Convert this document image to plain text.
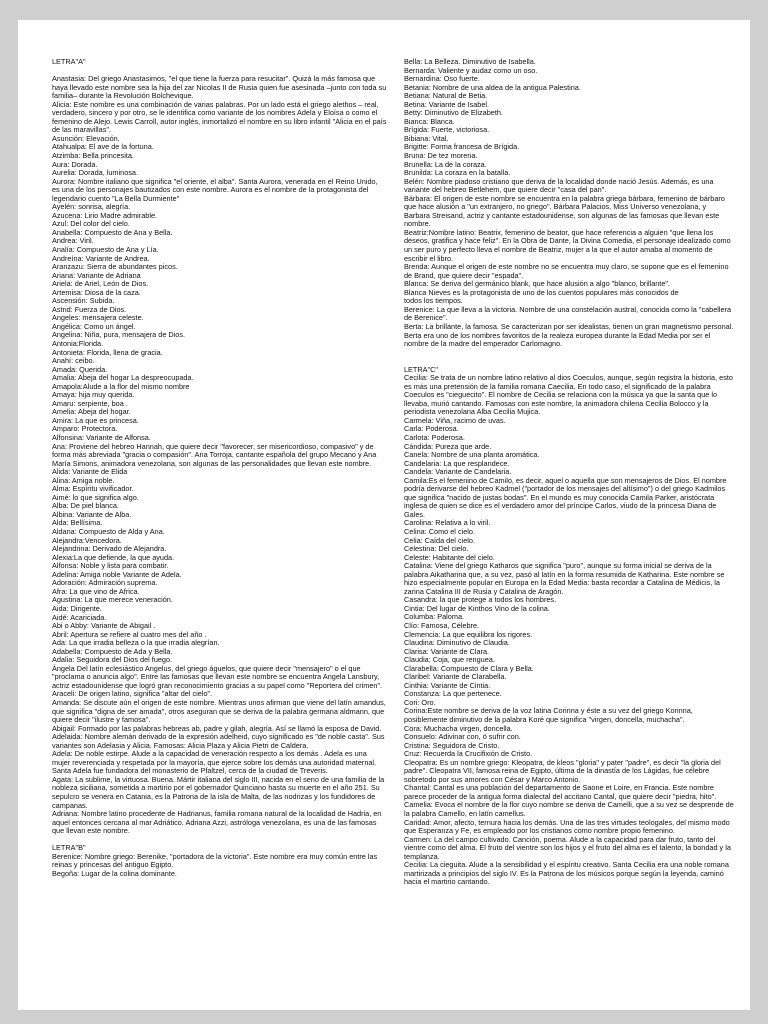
LETRA"A"

Anastasia: Del griego Anastasimos, "el que tiene la fuerza para resucitar". Quizá la más famosa que haya llevado este nombre sea la hija del zar Nicolas II de Rusia quien fue asesinada –junto con toda su familia– durante la Revolución Bolchevique.

Alicia: Este nombre es una combinación de varias palabras. Por un lado está el griego alethos – real, verdadero, sincero y por otro, se le identifica como variante de los nombres Adela y Eloísa o como el femenino de Alejo. Lewis Carroll, autor inglés, inmortalizó el nombre en su libro infantil "Alicia en el país de las maravillas".

Asunción: Elevación.

Atahualpa: El ave de la fortuna.

Atzimba: Bella princesita.

Aura: Dorada.

Aurelia: Dorada, luminosa.

Aurora: Nombre italiano que significa "el oriente, el alba". Santa Aurora, venerada en el Reino Unido, es una de los personajes bautizados con este nombre. Aurora es el nombre de la protagonista del legendario cuento "La Bella Durmiente"

Ayelén: sonrisa, alegría.

Azucena: Lirio Madre admirable.

Azul: Del color del cielo.

Anabella: Compuesto de Ana y Bella.

Andrea: Viril.

Analía: Compuesto de Ana y Lía.

Andreína: Variante de Andrea.

Aranzazu: Sierra de abundantes picos.

Ariana: Variante de Adriana

Ariela: de Ariel, León de Dios.

Artemisa: Diosa de la caza.

Ascensión: Subida.

Astrid: Fuerza de Dios.

Angeles: mensajera celeste.

Angélica: Como un ángel.

Angelina: Niña, pura, mensajera de Dios.

Antonia:Florida.

Antonieta: Florida, llena de gracia.

Anahí: ceibo.

Amada: Querida.

Amalia: Abeja del hogar La despreocupada.

Amapola:Alude a la flor del mismo nombre

Amaya: hija muy querida.

Amaru: serpiente, boa .

Amelia: Abeja del hogar.

Amira: La que es princesa.

Amparo: Protectora.

Alfonsina: Variante de Alfonsa.

Ana: Proviene del hebreo Hannah, que quiere decir "favorecer, ser misericordioso, compasivo" y de forma más abreviada "gracia o compasión". Ana Torroja, cantante española del grupo Mecano y Ana María Simons, animadora venezolana, son algunas de las personalidades que llevan este nombre.

Alida: Variante de Elida

Alina: Amiga noble.

Alma: Espíritu vivificador.

Aimé: lo que significa algo.

Alba: De piel blanca.

Albina: Variante de Alba.

Alda: Bellísima.

Aldana: Compuesto de Alda y Ana.

Alejandra:Vencedora.

Alejandrina: Derivado de Alejandra.

Alexia:La que defiende, la que ayuda.

Alfonsa: Noble y lista para combatir.

Adelina: Amiga noble Variante de Adela.

Adoración: Admiración suprema.

Afra: La que vino de Africa.

Agustina: La que merece veneración.

Aida: Dirigente.

Aidé: Acariciada.

Abi o Abby: Variante de Abigail .

Abril: Apertura se refiere al cuatro mes del año .

Ada: La que irradia belleza o la que irradia alegrían.

Adabella: Compuesto de Ada y Bella.

Adalia: Seguidora del Dios del fuego.

Ángela Del latín eclesiástico Angelus, del griego águelos, que quiere decir "mensajero" o el que "proclama o anuncia algo". Entre las famosas que llevan este nombre se encuentra Angela Lansbury, actriz estadounidense que logró gran reconocimiento gracias a su papel como "Reportera del crimen".

Araceli: De origen latino, significa "altar del cielo".

Amanda: Se discute aún el origen de este nombre. Mientras unos afirman que viene del latín amandus, que significa "digna de ser amada", otros aseguran que se deriva de la palabra germana aldmann, que quiere decir "ilustre y famosa".

Abigail: Formado por las palabras hebreas ab, padre y gilah, alegría. Así se llamó la esposa de David.

Adelaida: Nombre alemán derivado de la expresión adelheid, cuyo significado es "de noble casta". Sus variantes son Adelasia y Alicia. Famosas: Alicia Plaza y Alicia Pietri de Caldera.

Adela: De noble estirpe. Alude a la capacidad de veneración respecto a los demás . Adela es una mujer reverenciada y respetada por la mayoría, que ejerce sobre los demás una autoridad maternal. Santa Adela fue fundadora del monasterio de Pfaltzel, cerca de la ciudad de Treveris.

Agata: La sublime, la virtuosa. Buena. Mártir italiana del siglo III, nacida en el seno de una familia de la nobleza siciliana, sometida a martirio por el gobernador Quinciano hasta su muerte en el año 251. Su sepulcro se venera en Catania, es la Patrona de la isla de Malta, de las nodrizas y los fundidores de campanas.

Adriana: Nombre latino procedente de Hadrianus, familia romana natural de la localidad de Hadria, en aquel entonces cercana al mar Adriático. Adriana Azzi, astróloga venezolana, es una de las famosas que llevan este nombre.

LETRA"B"

Berenice: Nombre griego: Berenike, "portadora de la victoria". Este nombre era muy común entre las reinas y princesas del antiguo Egipto.

Begoña: Lugar de la colina dominante.

Bella: La Belleza. Diminutivo de Isabella.

Bernarda: Valiente y audaz como un oso.

Bernardina: Oso fuerte.

Betania: Nombre de una aldea de la antigua Palestina.

Betiana: Natural de Betia.

Betina: Variante de Isabel.

Betty: Diminutivo de Elizabeth.

Bianca: Blanca.

Brígida: Fuerte, victoriosa.

Bibiana: Vital.

Brigitte: Forma francesa de Brígida.

Bruna: De tez morena.

Brunella: La de la coraza.

Brunilda: La coraza en la batalla.

Belén: Nombre piadoso cristiano que deriva de la localidad donde nació Jesús. Además, es una variante del hebreo Betlehem, que quiere decir "casa del pan".

Bárbara: El origen de este nombre se encuentra en la palabra griega bárbara, femenino de bárbaro que hace alusión a "un extranjero, no griego". Bárbara Palacios, Miss Universo venezolana, y Barbara Streisand, actriz y cantante estadounidense, son algunas de las famosas que llevan este nombre.

Beatriz:Nombre latino: Beatrix, femenino de beator, que hace referencia a alguien "que llena los deseos, gratifica y hace feliz". En la Obra de Dante, la Divina Comedia, el personaje idealizado como un ser puro y perfecto lleva el nombre de Beatriz, mujer a la que el autor amaba al momento de escribir el libro.

Brenda: Aunque el origen de este nombre no se encuentra muy claro, se supone que es el femenino de Brand, que quiere decir "espada".

Blanca: Se deriva del germánico blank, que hace alusión a algo "blanco, brillante".

Blanca Nieves es la protagonista de uno de los cuentos populares más conocidos de

todos los tiempos.

Berenice: La que lleva a la victoria. Nombre de una constelación austral, conocida como la "cabellera de Berenice".

Berta: La brillante, la famosa. Se caracterizan por ser idealistas, tienen un gran magnetismo personal. Berta era uno de los nombres favoritos de la realeza europea durante la Edad Media por ser el nombre de la madre del emperador Carlomagno.

LETRA"C"

Cecilia: Se trata de un nombre latino relativo al dios Coeculos, aunque, según registra la historia, esto es más una pretensión de la familia romana Caecilia. En todo caso, el significado de la palabra Coeculos es "cieguecito". El nombre de Cecilia se relaciona con la música ya que la santa que lo llevaba, murió cantando. Famosas con este nombre, la animadora chilena Cecilia Bolocco y la periodista venezolana Alba Cecilia Mujica.

Carmela: Viña, racimo de uvas.

Carla: Poderosa.

Carlota: Poderosa.

Cándida: Pureza que arde.

Canela: Nombre de una planta aromática.

Candelaria: La que resplandece.

Candela: Variante de Candelaria.

Camila:Es el femenino de Camilo, es decir, aquel o aquella que son mensajeros de Dios. El nombre podría derivarse del hebreo Kadmel ("portador de los mensajes del altísimo") o del griego Kadmilos que significa "nacido de justas bodas". En el mundo es muy conocida Camila Parker, aristócrata inglesa de quien se dice es el verdadero amor del príncipe Carlos, viudo de la princesa Diana de Gales.

Carolina: Relativa a lo viril.

Celina: Como el cielo.

Celia: Caída del cielo.

Celestina: Del cielo.

Celeste: Habitante del cielo.

Catalina: Viene del griego Katharos que significa "puro", aunque su forma inicial se deriva de la palabra Aikatharina que, a su vez, pasó al latín en la forma resumida de Katharina. Este nombre se hizo especialmente popular en Europa en la Edad Media: basta recordar a Catalina de Médicis, la zarina Catalina III de Rusia y Catalina de Aragón.

Casandra: la que protege a todos los hombres.

Cintia: Del lugar de Kinthos Vino de la colina.

Columba: Paloma.

Clío: Famosa, Célebre.

Clemencia: La que equilibra los rigores.

Claudina: Diminutivo de Claudia.

Clarisa: Variante de Clara.

Claudia: Coja, que renguea.

Clarabella: Compuesto de Clara y Bella.

Claribel: Variante de Clarabella.

Cinthia: Variante de Cintia.

Constanza: La que pertenece.

Cori: Oro.

Corina:Este nombre se deriva de la voz latina Corinna y éste a su vez del griego Korinna, posiblemente diminutivo de la palabra Koré que significa "virgen, doncella, muchacha".

Cora: Muchacha virgen, doncella.

Consuelo: Adivinar con, ö sufrir con.

Cristina: Seguidora de Cristo.

Cruz: Recuerda la Crucifixión de Cristo.

Cleopatra: Es un nombre griego: Kleopatra, de kleos "gloria" y pater "padre", es decir "la gloria del padre". Cleopatra VII, famosa reina de Egipto, última de la dinastía de los Lágidas, fue célebre sobretodo por sus amores con César y Marco Antonio.

Chantal: Cantal es una población del departamento de Saone et Loire, en Francia. Este nombre parece proceder de la antigua forma dialectal del accitano Cantal, que quiere decir "piedra, hito".

Camelia: Evoca el nombre de la flor cuyo nombre se deriva de Camelli, que a su vez se desprende de la palabra Camello, en latín camellus.

Caridad: Amor, afecto, ternura hacia los demás. Una de las tres virtudes teologales, del mismo modo que Esperanza y Fe, es empleado por los cristianos como nombre propio femenino.

Carmen: La del campo cultivado. Canción, poema. Alude a la capacidad para dar fruto, tanto del vientre como del alma. El fruto del vientre son los hijos y el fruto del alma es el talento, la bondad y la templanza.

Cecilia: La cieguita. Alude a la sensibilidad y el espíritu creativo. Santa Cecilia era una noble romana martirizada a principios del siglo IV. Es la Patrona de los músicos porque según la leyenda, caminó hacia el martirio cantando.
